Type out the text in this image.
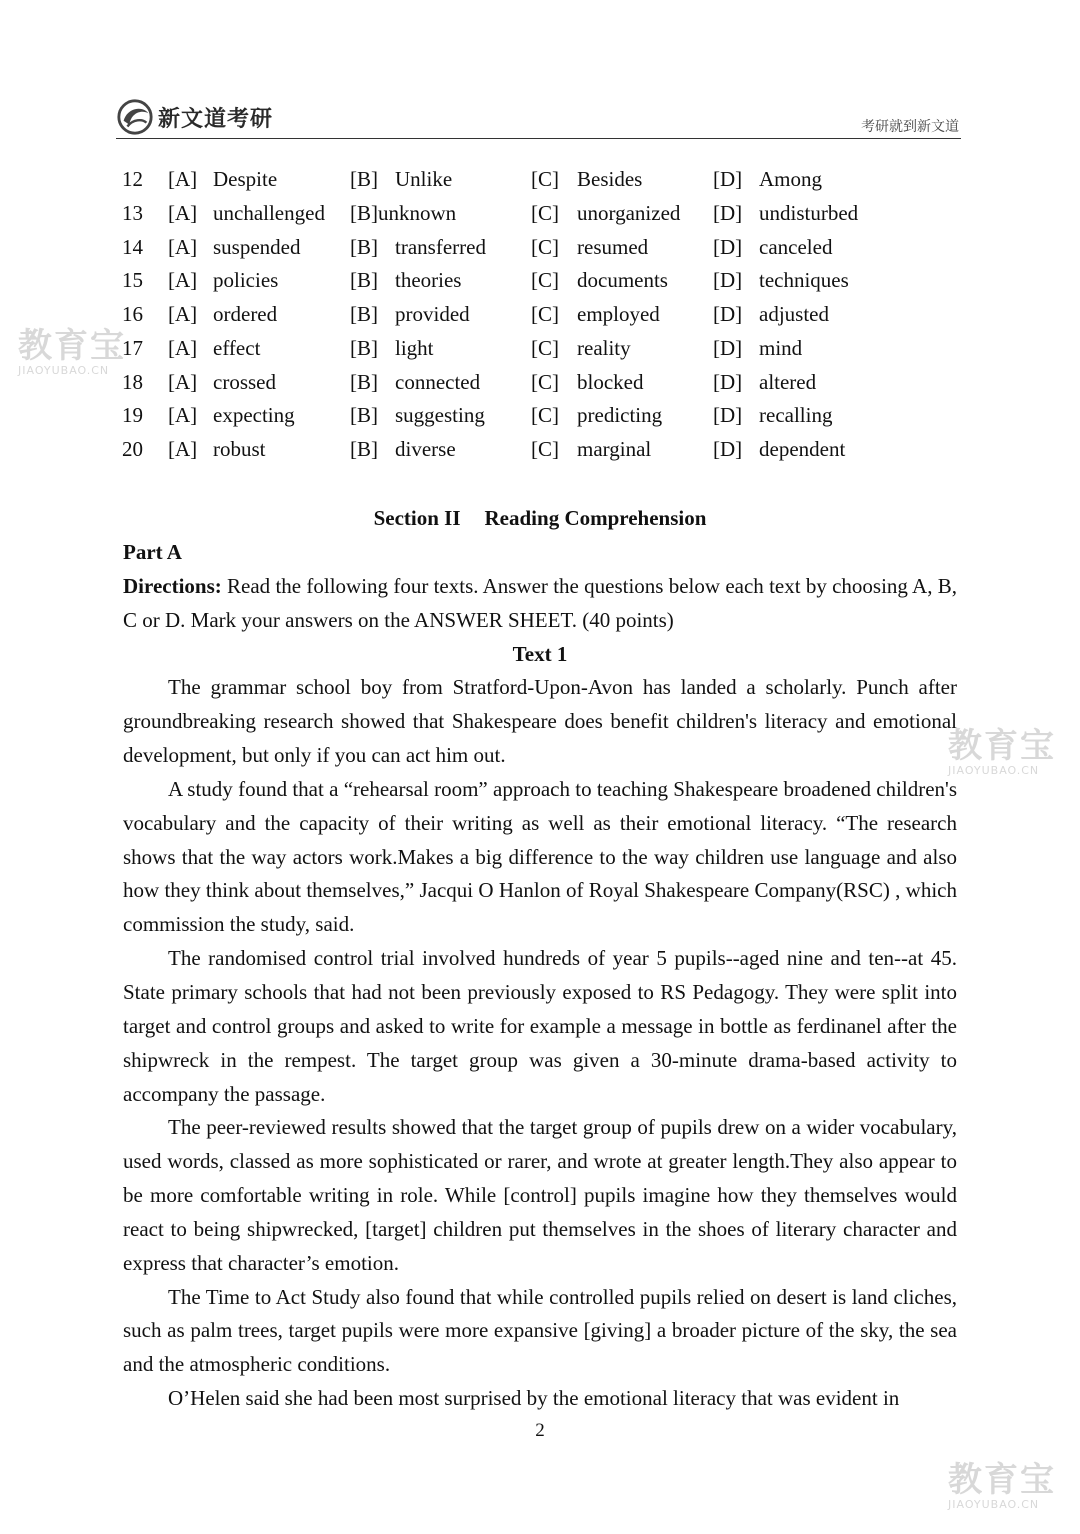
新文道考研	考研就到新文道
12 [A] Despite	[B] Unlike	[C] Besides	[D] Among
13 [A] unchallenged [B]unknown	[C] unorganized [D] undisturbed
14 [A] suspended [B] transferred [C] resumed	[D] canceled
15 [A] policies	[B] theories	[C] documents [D] techniques
16 [A] ordered	[B] provided	[C] employed	[D] adjusted
17 [A] effect	[B] light	[C] reality	[D] mind
18 [A] crossed	[B] connected [C] blocked	[D] altered
19 [A] expecting	[B] suggesting [C] predicting [D] recalling
20 [A] robust	[B] diverse	[C] marginal	[D] dependent
Section II Reading Comprehension

Part A

Directions: Read the following four texts. Answer the questions below each text by choosing A, B, C or D. Mark your answers on the ANSWER SHEET. (40 points)

Text 1

The grammar school boy from Stratford-Upon-Avon has landed a scholarly. Punch after groundbreaking research showed that Shakespeare does benefit children's literacy and emotional development, but only if you can act him out.

A study found that a “rehearsal room” approach to teaching Shakespeare broadened children's vocabulary and the capacity of their writing as well as their emotional literacy. “The research shows that the way actors work.Makes a big difference to the way children use language and also how they think about themselves,” Jacqui O Hanlon of Royal Shakespeare Company(RSC) , which commission the study, said.

The randomised control trial involved hundreds of year 5 pupils--aged nine and ten--at 45. State primary schools that had not been previously exposed to RS Pedagogy. They were split into target and control groups and asked to write for example a message in bottle as ferdinanel after the shipwreck in the rempest. The target group was given a 30-minute drama-based activity to accompany the passage.

The peer-reviewed results showed that the target group of pupils drew on a wider vocabulary, used words, classed as more sophisticated or rarer, and wrote at greater length.They also appear to be more comfortable writing in role. While [control] pupils imagine how they themselves would react to being shipwrecked, [target] children put themselves in the shoes of literary character and express that character’s emotion.

The Time to Act Study also found that while controlled pupils relied on desert is land cliches, such as palm trees, target pupils were more expansive [giving] a broader picture of the sky, the sea and the atmospheric conditions.

O’Helen said she had been most surprised by the emotional literacy that was evident in

2
教育宝
JIAOYUBAO.CN
教育宝
JIAOYUBAO.CN
教育宝
JIAOYUBAO.CN
